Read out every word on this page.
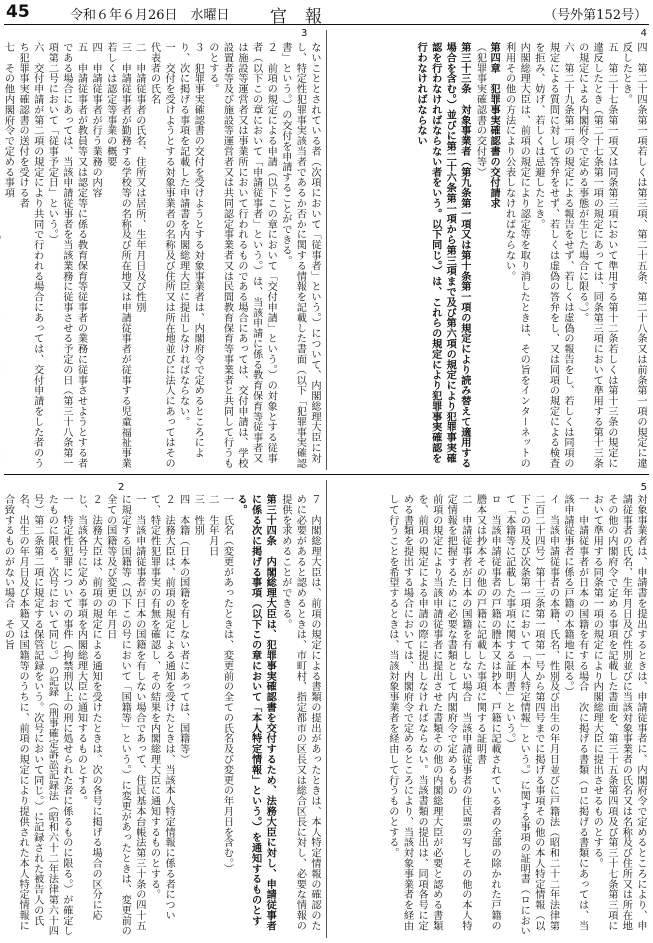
45	令和６年６月26日　水曜日 官報	（号外第152号）
4
四　第二十四条第一項若しくは第三項、第二十五条、第二十八条又は前条第一項の規定に違反したとき。
五　第二十七条第一項又は同条第三項において準用する第十二条若しくは第十三条の規定に違反したとき（第二十七条第一項の規定にあっては、同条第三項において準用する第十三条の規定による内閣府令で定める事態が生じた場合に限る。）。
六　第二十九条第一項の規定による報告をせず、若しくは虚偽の報告をし、若しくは同項の規定による質問に対して答弁をせず、若しくは虚偽の答弁をし、又は同項の規定による検査を拒み、妨げ、若しくは忌避したとき。
内閣総理大臣は、前項の規定により認定等を取り消したときは、その旨をインターネットの利用その他の方法により公表しなければならない。
第四章　犯罪事実確認書の交付請求
（犯罪事実確認書の交付等）
第三十三条　対象事業者（第九条第一項又は第十条第一項の規定により読み替えて適用する場合を含む。）並びに第二十六条第一項から第三項まで及び第六項の規定により犯罪事実確認を行わなければならない者をいう。以下同じ。）は、これらの規定により犯罪事実確認を行わなければならない
3
ないこととされている者（次項において「従事者」という。）について、内閣総理大臣に対し、特定性犯罪事実該当者であるか否かに関する情報を記載した書面（以下「犯罪事実確認書」という。）の交付を申請することができる。
２　前項の規定による申請（以下この章において「交付申請」という。）の対象とする従事者（以下この章において「申請従事者」という。）は、当該申請に係る教育保育等従事者又は施設等運営者又は事業所において行われるものである場合にあっては、交付申請は、学校設置者等及び施設等運営者又は共同認定事業者又は民間教育保育等事業者と共同して行うものとする。
３　犯罪事実確認書の交付を受けようとする対象事業者は、内閣府令で定めるところにより、次に掲げる事項を記載した申請書を内閣総理大臣に提出しなければならない。
一　交付を受けようとする対象事業者の名称及び住所又は所在地並びに法人にあってはその代表者の氏名
二　申請従事者の氏名、住所又は居所、生年月日及び性別
三　申請従事者が勤務する学校等の名称及び所在地又は申請従事者が従事する児童福祉事業若しくは認定等事業の概要
四　申請従事者が行う業務の内容
五　申請従事者が教員等又は認定等に係る教育保育等従事者の業務に従事させようとする者である場合にあっては、当該申請従事者を当該業務に従事させる予定の日（第三十八条第一項第二号において「従事予定日」という。）
六　交付申請が第二項の規定により共同で行われる場合にあっては、交付申請をした者のうち犯罪事実確認書の送付を受ける者
七　その他内閣府令で定める事項
5
対象事業者は、申請書を提出するときは、申請従事者に、内閣府令で定めるところにより、申請従事者の氏名、生年月日及び性別並びに当該対象事業者の氏名又は名称及び住所又は所在地その他の内閣府令で定める事項を記載した書面を、第三十五条第四項及び第三十七条第三項において準用する同条第一項の規定により内閣総理大臣に提出させるものとする。
一　申請従事者が日本の国籍を有する場合　次に掲げる書類（ロに掲げる書類にあっては、当該申請従事者に係る戸籍の本籍地に限る。）
イ　当該申請従事者の本籍、氏名、性別及び出生の年月日並びに戸籍法（昭和二十二年法律第二百二十四号）第十三条第一項第一号から第四号までに掲げる事項その他の本人特定情報（以下この項及び次条第一項において「本人特定情報」という。）に関する事項の証明書（ロにおいて「本籍等に記載した事項に関する証明書」という。）
ロ　当該申請従事者の戸籍の謄本又は抄本、戸籍に記載されている者の全部の除かれた戸籍の謄本又は抄本その他の戸籍に記載した事項に関する証明書
二　申請従事者が日本の国籍を有しない場合　当該申請従事者の住民票の写しその他の本人特定情報を把握するために必要な書類として内閣府令で定めるもの
前項の規定により当該申請従事者に提出させた書類その他の内閣総理大臣が必要と認める書類を、前項の規定による申請の際に提出しなければならない。当該書類の提出は、同項各号に定める書類を提出する場合においては、内閣府令で定めるところにより、当該対象事業者を経由して行うことを希望するときは、当該対象事業者を経由して行うものとする。
2
７　内閣総理大臣は、前項の規定による書類の提出があったときは、本人特定情報の確認のために必要があると認めるときは、市町村、指定都市の区長又は総合区長に対し、必要な情報の提供を求めることができる。
第三十四条　内閣総理大臣は、犯罪事実確認書を交付するため、法務大臣に対し、申請従事者に係る次に掲げる事項（以下この章において「本人特定情報」という。）を通知するものとする。
一　氏名（変更があったときは、変更前の全ての氏名及び変更の年月日を含む。）
二　生年月日
三　性別
四　本籍（日本の国籍を有しない者にあっては、国籍等）
２　法務大臣は、前項の規定による通知を受けたときは、当該本人特定情報に係る者について、特定性犯罪事実の有無を確認し、その結果を内閣総理大臣に通知するものとする。
一　当該申請従事者が日本の国籍を有しない場合であって、住民基本台帳法第三十条の四十五に規定する国籍等（以下この号において「国籍等」という。）に変更があったときは、変更前の全ての国籍等及び変更の年月日
２　法務大臣は、前項の規定による通知を受けたときは、次の各号に掲げる場合の区分に応じ、当該各号に定める事項を内閣総理大臣に通知するものとする。
一　特定性犯罪についての事件（拘禁刑以上の刑に処せられた者に係るものに限る。）が確定したものに限る。次号において同じ。）の記録（刑事確定訴訟記録法（昭和六十二年法律第六十四号）第二条第二項に規定する保管記録をいう。次号において同じ。）に記録された被告人の氏名、出生の年月日及び本籍又は国籍等のうちに、前項の規定により提供された本人特定情報に合致するものがない場合　その旨
